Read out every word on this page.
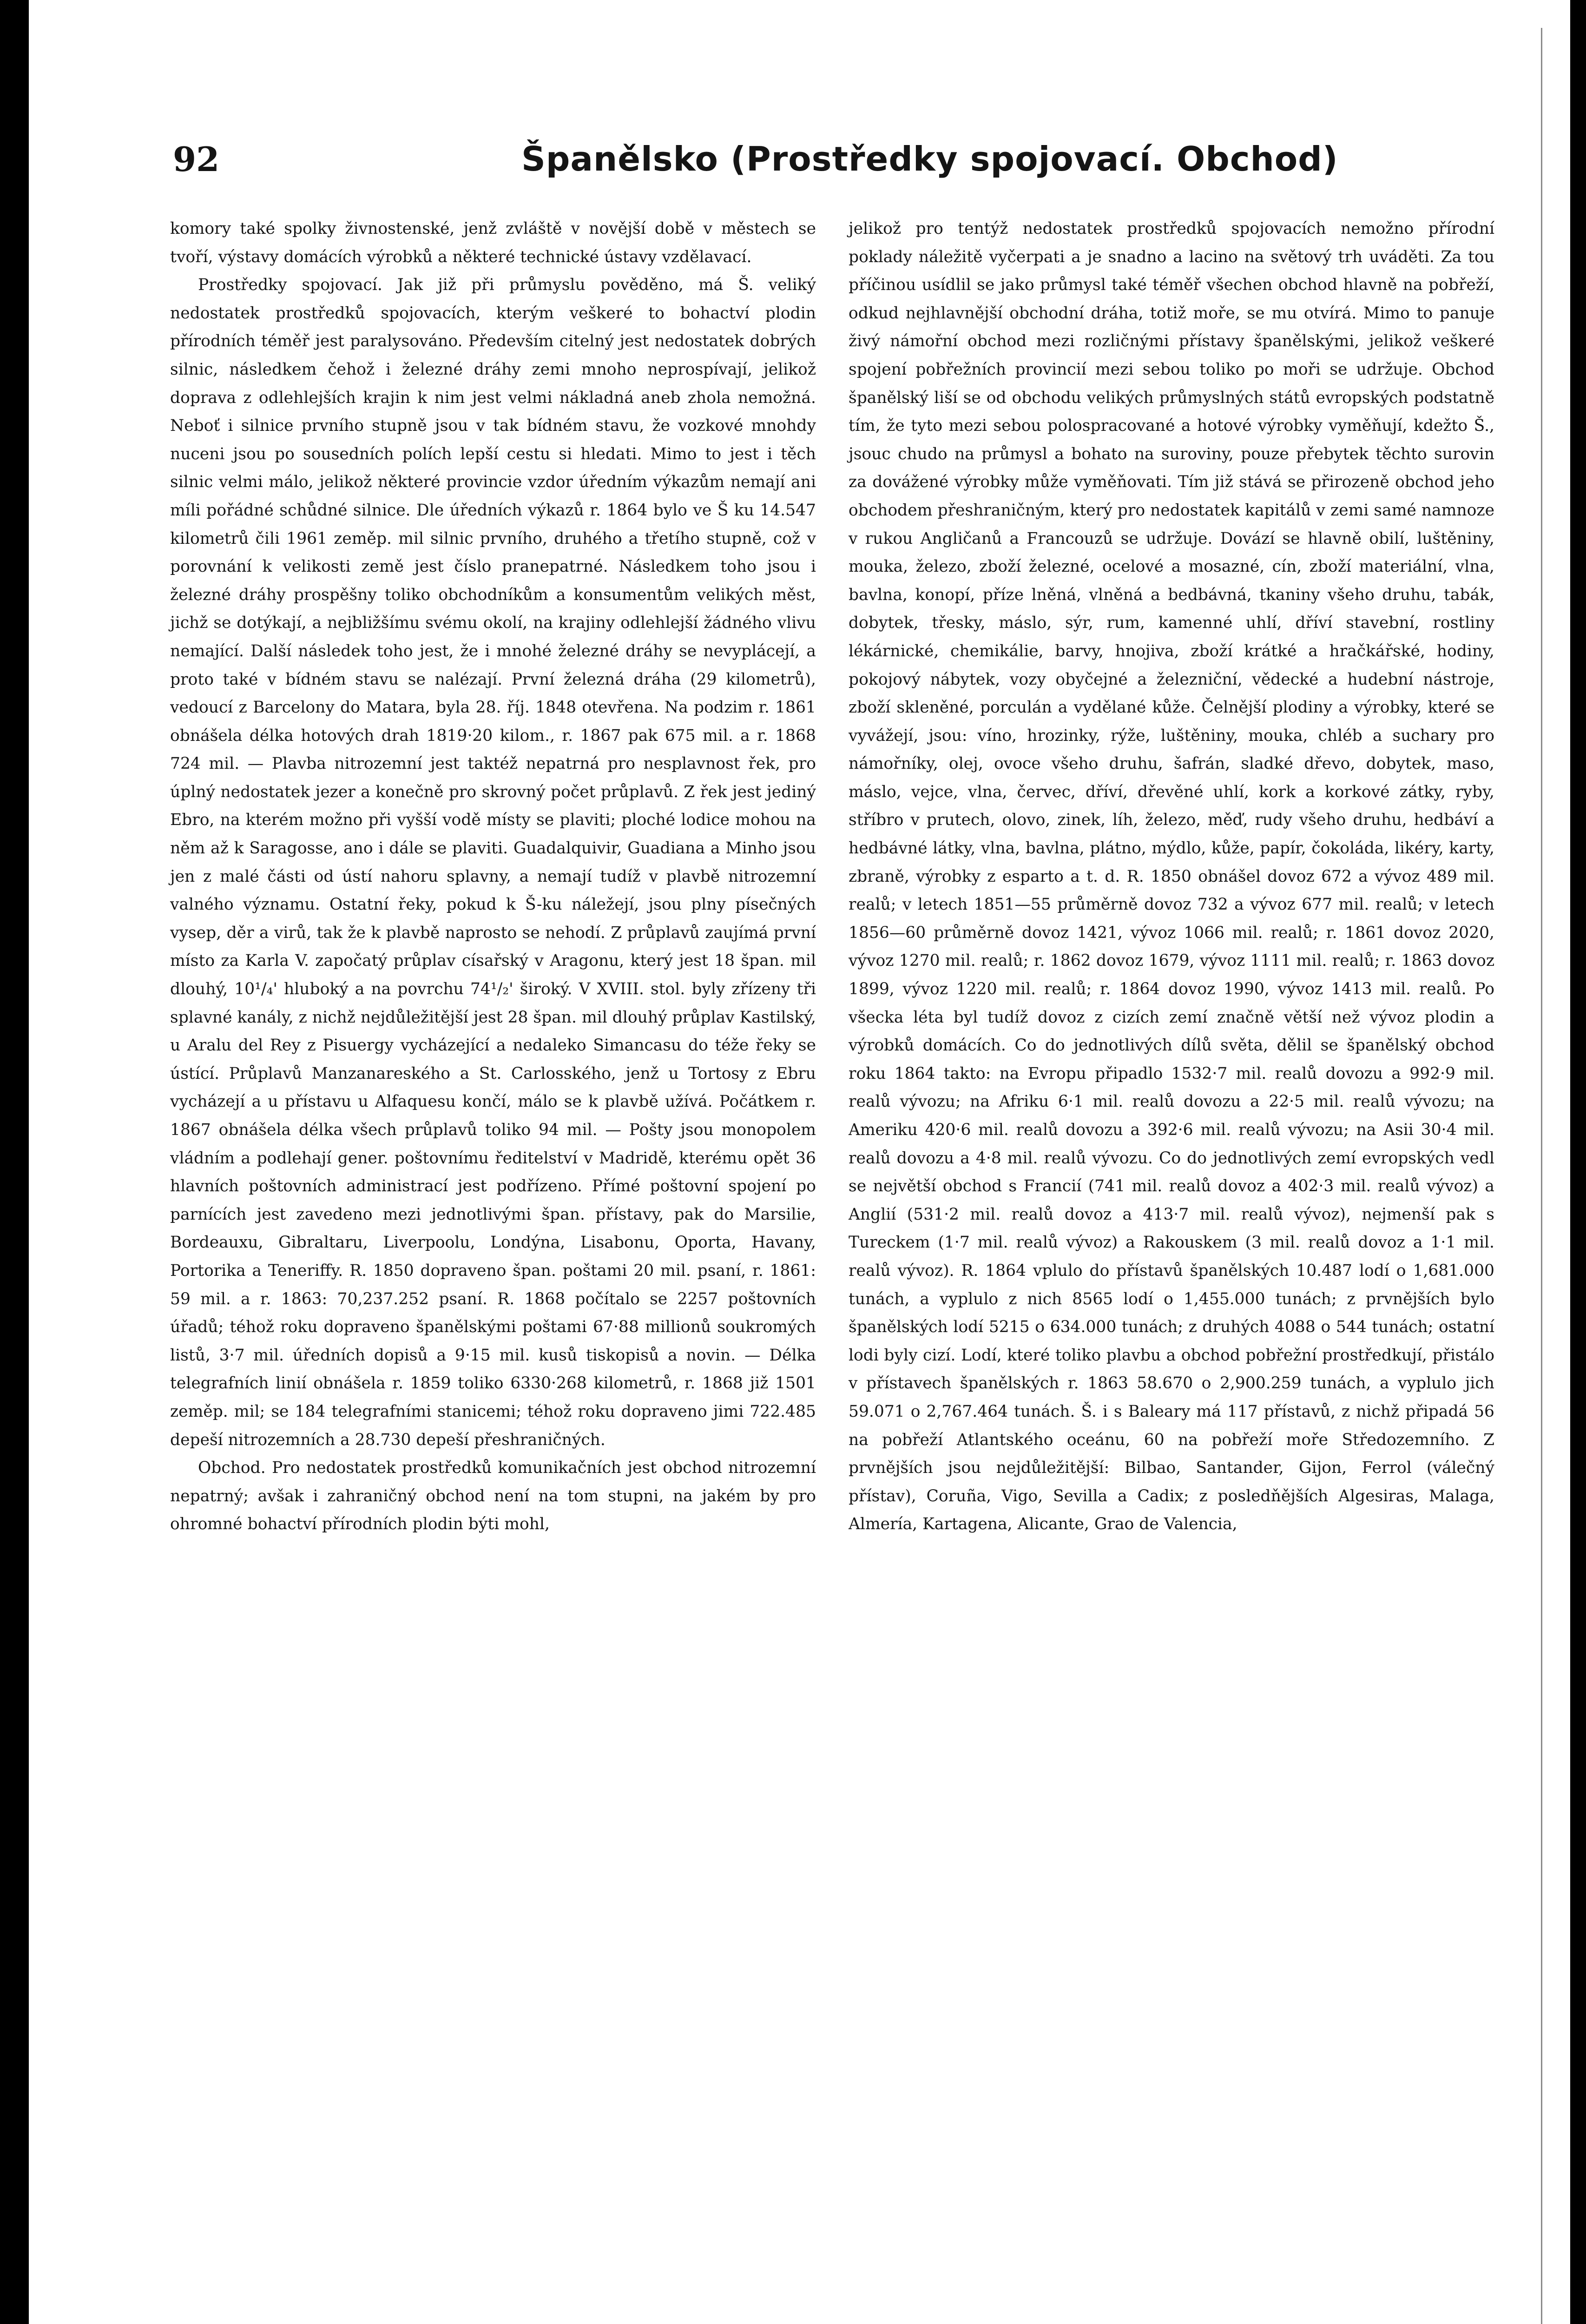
92	Španělsko (Prostředky spojovací. Obchod)

komory také spolky živnostenské, jenž zvláště v novější době v městech se tvoří, výstavy domácích výrobků a některé technické ústavy vzdělavací.

Prostředky spojovací. Jak již při průmyslu pověděno, má Š. veliký nedostatek prostředků spojovacích, kterým veškeré to bohactví plodin přírodních téměř jest paralysováno. Především citelný jest nedostatek dobrých silnic, následkem čehož i železné dráhy zemi mnoho neprospívají, jelikož doprava z odlehlejších krajin k nim jest velmi nákladná aneb zhola nemožná. Neboť i silnice prvního stupně jsou v tak bídném stavu, že vozkové mnohdy nuceni jsou po sousedních polích lepší cestu si hledati. Mimo to jest i těch silnic velmi málo, jelikož některé provincie vzdor úředním výkazům nemají ani míli pořádné schůdné silnice. Dle úředních výkazů r. 1864 bylo ve Š ku 14.547 kilometrů čili 1961 zeměp. mil silnic prvního, druhého a třetího stupně, což v porovnání k velikosti země jest číslo pranepatrné. Následkem toho jsou i železné dráhy prospěšny toliko obchodníkům a konsumentům velikých měst, jichž se dotýkají, a nejbližšímu svému okolí, na krajiny odlehlejší žádného vlivu nemající. Další následek toho jest, že i mnohé železné dráhy se nevyplácejí, a proto také v bídném stavu se nalézají. První železná dráha (29 kilometrů), vedoucí z Barcelony do Matara, byla 28. říj. 1848 otevřena. Na podzim r. 1861 obnášela délka hotových drah 1819·20 kilom., r. 1867 pak 675 mil. a r. 1868 724 mil. — Plavba nitrozemní jest taktéž nepatrná pro nesplavnost řek, pro úplný nedostatek jezer a konečně pro skrovný počet průplavů. Z řek jest jediný Ebro, na kterém možno při vyšší vodě místy se plaviti; ploché lodice mohou na něm až k Saragosse, ano i dále se plaviti. Guadalquivir, Guadiana a Minho jsou jen z malé části od ústí nahoru splavny, a nemají tudíž v plavbě nitrozemní valného významu. Ostatní řeky, pokud k Š-ku náležejí, jsou plny písečných vysep, děr a virů, tak že k plavbě naprosto se nehodí. Z průplavů zaujímá první místo za Karla V. započatý průplav císařský v Aragonu, který jest 18 špan. mil dlouhý, 10¹/₄' hluboký a na povrchu 74¹/₂' široký. V XVIII. stol. byly zřízeny tři splavné kanály, z nichž nejdůležitější jest 28 špan. mil dlouhý průplav Kastilský, u Aralu del Rey z Pisuergy vycházející a nedaleko Simancasu do téže řeky se ústící. Průplavů Manzanareského a St. Carlosského, jenž u Tortosy z Ebru vycházejí a u přístavu u Alfaquesu končí, málo se k plavbě užívá. Počátkem r. 1867 obnášela délka všech průplavů toliko 94 mil. — Pošty jsou monopolem vládním a podlehají gener. poštovnímu ředitelství v Madridě, kterému opět 36 hlavních poštovních administrací jest podřízeno. Přímé poštovní spojení po parnících jest zavedeno mezi jednotlivými špan. přístavy, pak do Marsilie, Bordeauxu, Gibraltaru, Liverpoolu, Londýna, Lisabonu, Oporta, Havany, Portorika a Teneriffy. R. 1850 dopraveno špan. poštami 20 mil. psaní, r. 1861: 59 mil. a r. 1863: 70,237.252 psaní. R. 1868 počítalo se 2257 poštovních úřadů; téhož roku dopraveno španělskými poštami 67·88 millionů soukromých listů, 3·7 mil. úředních dopisů a 9·15 mil. kusů tiskopisů a novin. — Délka telegrafních linií obnášela r. 1859 toliko 6330·268 kilometrů, r. 1868 již 1501 zeměp. mil; se 184 telegrafními stanicemi; téhož roku dopraveno jimi 722.485 depeší nitrozemních a 28.730 depeší přeshraničných.

Obchod. Pro nedostatek prostředků komunikačních jest obchod nitrozemní nepatrný; avšak i zahraničný obchod není na tom stupni, na jakém by pro ohromné bohactví přírodních plodin býti mohl,

jelikož pro tentýž nedostatek prostředků spojovacích nemožno přírodní poklady náležitě vyčerpati a je snadno a lacino na světový trh uváděti. Za tou příčinou usídlil se jako průmysl také téměř všechen obchod hlavně na pobřeží, odkud nejhlavnější obchodní dráha, totiž moře, se mu otvírá. Mimo to panuje živý námořní obchod mezi rozličnými přístavy španělskými, jelikož veškeré spojení pobřežních provincií mezi sebou toliko po moři se udržuje. Obchod španělský liší se od obchodu velikých průmyslných států evropských podstatně tím, že tyto mezi sebou polospracované a hotové výrobky vyměňují, kdežto Š., jsouc chudo na průmysl a bohato na suroviny, pouze přebytek těchto surovin za dovážené výrobky může vyměňovati. Tím již stává se přirozeně obchod jeho obchodem přeshraničným, který pro nedostatek kapitálů v zemi samé namnoze v rukou Angličanů a Francouzů se udržuje. Dovází se hlavně obilí, luštěniny, mouka, železo, zboží železné, ocelové a mosazné, cín, zboží materiální, vlna, bavlna, konopí, příze lněná, vlněná a bedbávná, tkaniny všeho druhu, tabák, dobytek, třesky, máslo, sýr, rum, kamenné uhlí, dříví stavební, rostliny lékárnické, chemikálie, barvy, hnojiva, zboží krátké a hračkářské, hodiny, pokojový nábytek, vozy obyčejné a železniční, vědecké a hudební nástroje, zboží skleněné, porculán a vydělané kůže. Čelnější plodiny a výrobky, které se vyvážejí, jsou: víno, hrozinky, rýže, luštěniny, mouka, chléb a suchary pro námořníky, olej, ovoce všeho druhu, šafrán, sladké dřevo, dobytek, maso, máslo, vejce, vlna, červec, dříví, dřevěné uhlí, kork a korkové zátky, ryby, stříbro v prutech, olovo, zinek, líh, železo, měď, rudy všeho druhu, hedbáví a hedbávné látky, vlna, bavlna, plátno, mýdlo, kůže, papír, čokoláda, likéry, karty, zbraně, výrobky z esparto a t. d. R. 1850 obnášel dovoz 672 a vývoz 489 mil. realů; v letech 1851—55 průměrně dovoz 732 a vývoz 677 mil. realů; v letech 1856—60 průměrně dovoz 1421, vývoz 1066 mil. realů; r. 1861 dovoz 2020, vývoz 1270 mil. realů; r. 1862 dovoz 1679, vývoz 1111 mil. realů; r. 1863 dovoz 1899, vývoz 1220 mil. realů; r. 1864 dovoz 1990, vývoz 1413 mil. realů. Po všecka léta byl tudíž dovoz z cizích zemí značně větší než vývoz plodin a výrobků domácích. Co do jednotlivých dílů světa, dělil se španělský obchod roku 1864 takto: na Evropu připadlo 1532·7 mil. realů dovozu a 992·9 mil. realů vývozu; na Afriku 6·1 mil. realů dovozu a 22·5 mil. realů vývozu; na Ameriku 420·6 mil. realů dovozu a 392·6 mil. realů vývozu; na Asii 30·4 mil. realů dovozu a 4·8 mil. realů vývozu. Co do jednotlivých zemí evropských vedl se největší obchod s Francií (741 mil. realů dovoz a 402·3 mil. realů vývoz) a Anglií (531·2 mil. realů dovoz a 413·7 mil. realů vývoz), nejmenší pak s Tureckem (1·7 mil. realů vývoz) a Rakouskem (3 mil. realů dovoz a 1·1 mil. realů vývoz). R. 1864 vplulo do přístavů španělských 10.487 lodí o 1,681.000 tunách, a vyplulo z nich 8565 lodí o 1,455.000 tunách; z prvnějších bylo španělských lodí 5215 o 634.000 tunách; z druhých 4088 o 544 tunách; ostatní lodi byly cizí. Lodí, které toliko plavbu a obchod pobřežní prostředkují, přistálo v přístavech španělských r. 1863 58.670 o 2,900.259 tunách, a vyplulo jich 59.071 o 2,767.464 tunách. Š. i s Baleary má 117 přístavů, z nichž připadá 56 na pobřeží Atlantského oceánu, 60 na pobřeží moře Středozemního. Z prvnějších jsou nejdůležitější: Bilbao, Santander, Gijon, Ferrol (válečný přístav), Coruña, Vigo, Sevilla a Cadix; z posledňějších Algesiras, Malaga, Almería, Kartagena, Alicante, Grao de Valencia,
